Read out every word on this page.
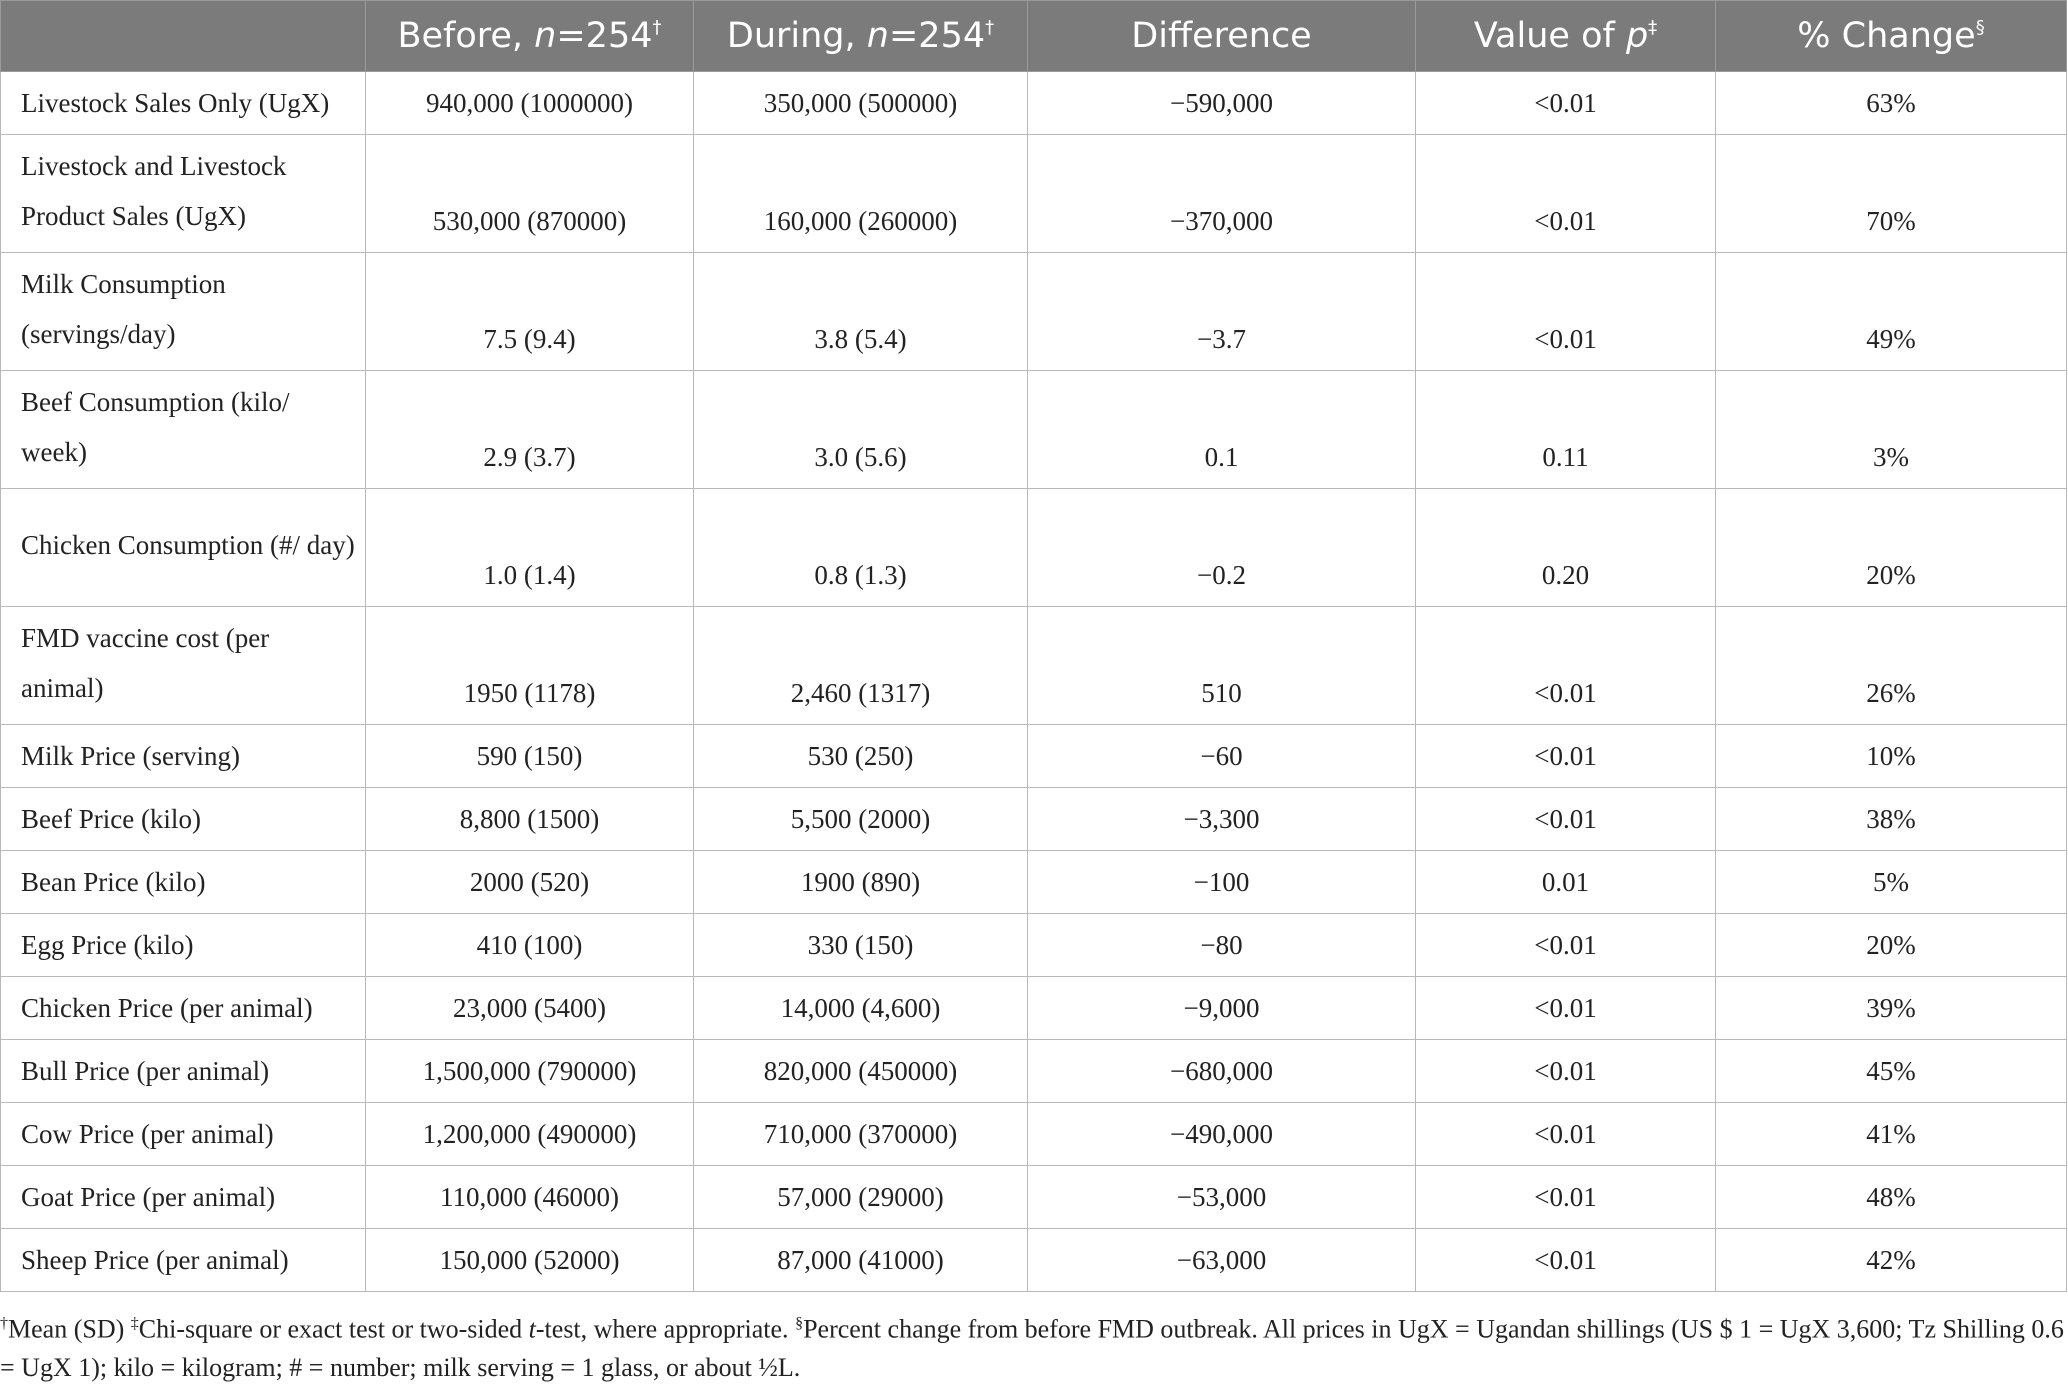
	Before, n=254†	During, n=254†	Difference	Value of p‡	% Change§
Livestock Sales Only (UgX)	940,000 (1000000)	350,000 (500000)	−590,000	<0.01	63%
Livestock and Livestock Product Sales (UgX)	530,000 (870000)	160,000 (260000)	−370,000	<0.01	70%
Milk Consumption (servings/day)	7.5 (9.4)	3.8 (5.4)	−3.7	<0.01	49%
Beef Consumption (kilo/ week)	2.9 (3.7)	3.0 (5.6)	0.1	0.11	3%
Chicken Consumption (#/ day)	1.0 (1.4)	0.8 (1.3)	−0.2	0.20	20%
FMD vaccine cost (per animal)	1950 (1178)	2,460 (1317)	510	<0.01	26%
Milk Price (serving)	590 (150)	530 (250)	−60	<0.01	10%
Beef Price (kilo)	8,800 (1500)	5,500 (2000)	−3,300	<0.01	38%
Bean Price (kilo)	2000 (520)	1900 (890)	−100	0.01	5%
Egg Price (kilo)	410 (100)	330 (150)	−80	<0.01	20%
Chicken Price (per animal)	23,000 (5400)	14,000 (4,600)	−9,000	<0.01	39%
Bull Price (per animal)	1,500,000 (790000)	820,000 (450000)	−680,000	<0.01	45%
Cow Price (per animal)	1,200,000 (490000)	710,000 (370000)	−490,000	<0.01	41%
Goat Price (per animal)	110,000 (46000)	57,000 (29000)	−53,000	<0.01	48%
Sheep Price (per animal)	150,000 (52000)	87,000 (41000)	−63,000	<0.01	42%
†Mean (SD) ‡Chi-square or exact test or two-sided t-test, where appropriate. §Percent change from before FMD outbreak. All prices in UgX = Ugandan shillings (US $ 1 = UgX 3,600; Tz Shilling 0.6 = UgX 1); kilo = kilogram; # = number; milk serving = 1 glass, or about ½L.
